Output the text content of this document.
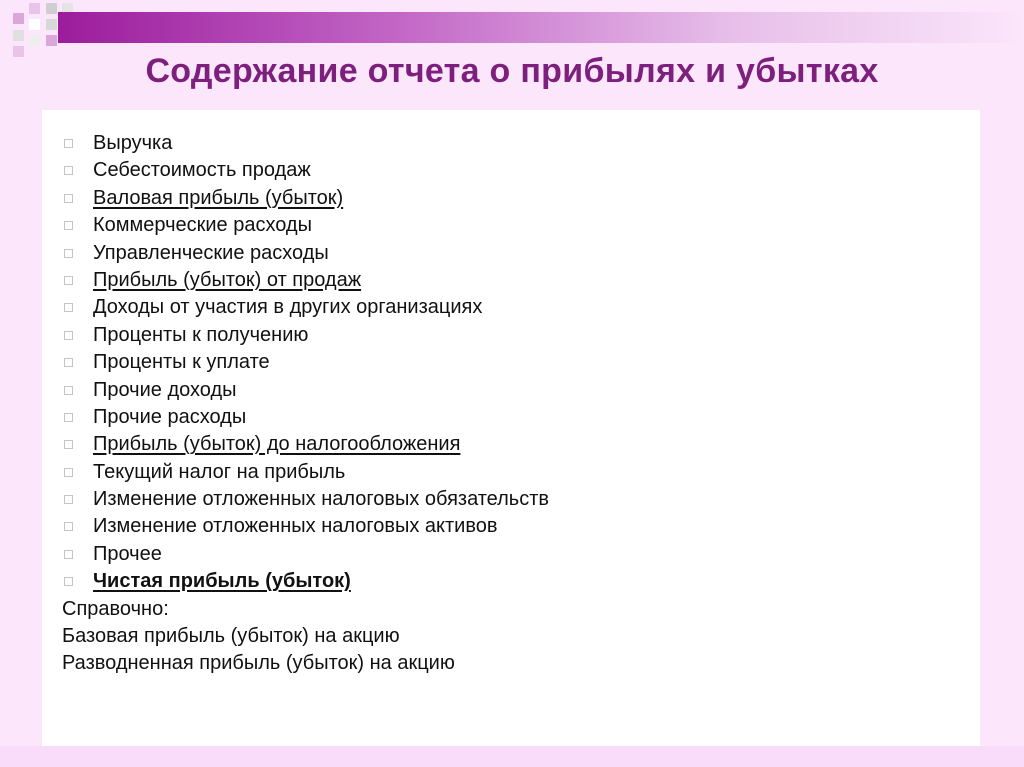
Содержание отчета о прибылях и убытках
Выручка
Себестоимость продаж
Валовая прибыль (убыток)
Коммерческие расходы
Управленческие расходы
Прибыль (убыток) от продаж
Доходы от участия в других организациях
Проценты к получению
Проценты к уплате
Прочие доходы
Прочие расходы
Прибыль (убыток) до налогообложения
Текущий налог на прибыль
Изменение отложенных налоговых обязательств
Изменение отложенных налоговых активов
Прочее
Чистая прибыль (убыток)
Справочно:
Базовая прибыль (убыток) на акцию
Разводненная прибыль (убыток) на акцию
